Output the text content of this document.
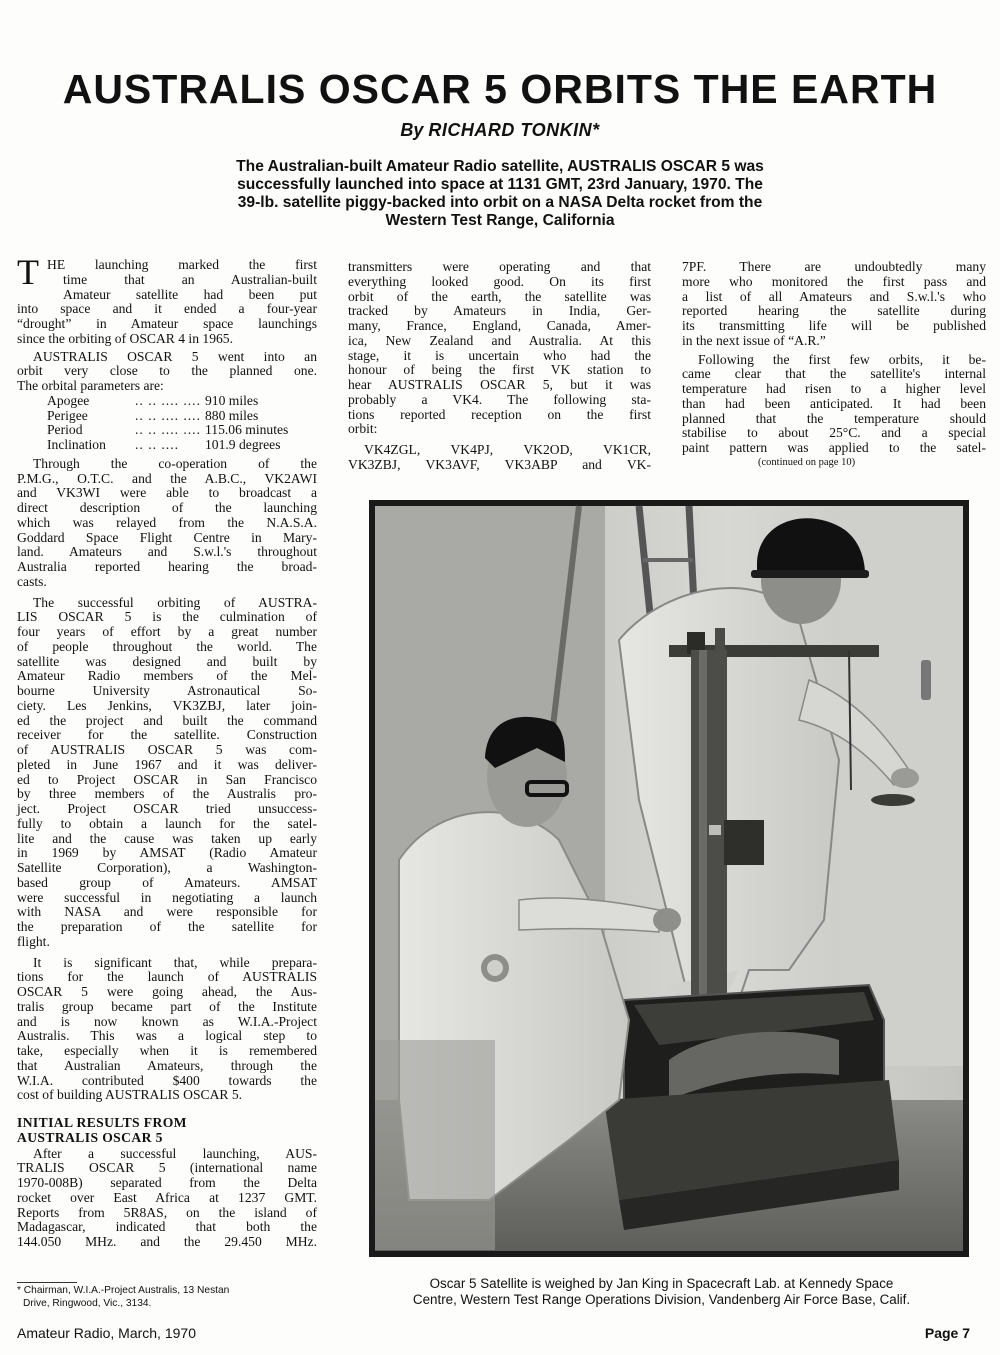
AUSTRALIS OSCAR 5 ORBITS THE EARTH
By RICHARD TONKIN*
The Australian-built Amateur Radio satellite, AUSTRALIS OSCAR 5 was
successfully launched into space at 1131 GMT, 23rd January, 1970. The
39-lb. satellite piggy-backed into orbit on a NASA Delta rocket from the
Western Test Range, California
T HE launching marked the first
time that an Australian-built
Amateur satellite had been put
into space and it ended a four-year
“drought” in Amateur space launchings
since the orbiting of OSCAR 4 in 1965.
AUSTRALIS OSCAR 5 went into an
orbit very close to the planned one.
The orbital parameters are:
Apogee	.. .. .... .... 910 miles
Perigee	.. .. .... .... 880 miles
Period	.. .. .... .... 115.06 minutes
Inclination	.. .. ....	101.9 degrees
Through the co-operation of the
P.M.G., O.T.C. and the A.B.C., VK2AWI
and VK3WI were able to broadcast a
direct description of the launching
which was relayed from the N.A.S.A.
Goddard Space Flight Centre in Mary-
land. Amateurs and S.w.l.'s throughout
Australia reported hearing the broad-
casts.
The successful orbiting of AUSTRA-
LIS OSCAR 5 is the culmination of
four years of effort by a great number
of people throughout the world. The
satellite was designed and built by
Amateur Radio members of the Mel-
bourne University Astronautical So-
ciety. Les Jenkins, VK3ZBJ, later join-
ed the project and built the command
receiver for the satellite. Construction
of AUSTRALIS OSCAR 5 was com-
pleted in June 1967 and it was deliver-
ed to Project OSCAR in San Francisco
by three members of the Australis pro-
ject. Project OSCAR tried unsuccess-
fully to obtain a launch for the satel-
lite and the cause was taken up early
in 1969 by AMSAT (Radio Amateur
Satellite Corporation), a Washington-
based group of Amateurs. AMSAT
were successful in negotiating a launch
with NASA and were responsible for
the preparation of the satellite for
flight.
It is significant that, while prepara-
tions for the launch of AUSTRALIS
OSCAR 5 were going ahead, the Aus-
tralis group became part of the Institute
and is now known as W.I.A.-Project
Australis. This was a logical step to
take, especially when it is remembered
that Australian Amateurs, through the
W.I.A. contributed $400 towards the
cost of building AUSTRALIS OSCAR 5.
INITIAL RESULTS FROM
AUSTRALIS OSCAR 5
After a successful launching, AUS-
TRALIS OSCAR 5 (international name
1970-008B) separated from the Delta
rocket over East Africa at 1237 GMT.
Reports from 5R8AS, on the island of
Madagascar, indicated that both the
144.050 MHz. and the 29.450 MHz.
* Chairman, W.I.A.-Project Australis, 13 Nestan
Drive, Ringwood, Vic., 3134.
transmitters were operating and that
everything looked good. On its first
orbit of the earth, the satellite was
tracked by Amateurs in India, Ger-
many, France, England, Canada, Amer-
ica, New Zealand and Australia. At this
stage, it is uncertain who had the
honour of being the first VK station to
hear AUSTRALIS OSCAR 5, but it was
probably a VK4. The following sta-
tions reported reception on the first
orbit:
VK4ZGL, VK4PJ, VK2OD, VK1CR,
VK3ZBJ, VK3AVF, VK3ABP and VK-
7PF. There are undoubtedly many
more who monitored the first pass and
a list of all Amateurs and S.w.l.'s who
reported hearing the satellite during
its transmitting life will be published
in the next issue of “A.R.”
Following the first few orbits, it be-
came clear that the satellite's internal
temperature had risen to a higher level
than had been anticipated. It had been
planned that the temperature should
stabilise to about 25°C. and a special
paint pattern was applied to the satel-
(continued on page 10)
Oscar 5 Satellite is weighed by Jan King in Spacecraft Lab. at Kennedy Space
Centre, Western Test Range Operations Division, Vandenberg Air Force Base, Calif.
Amateur Radio, March, 1970	Page 7
